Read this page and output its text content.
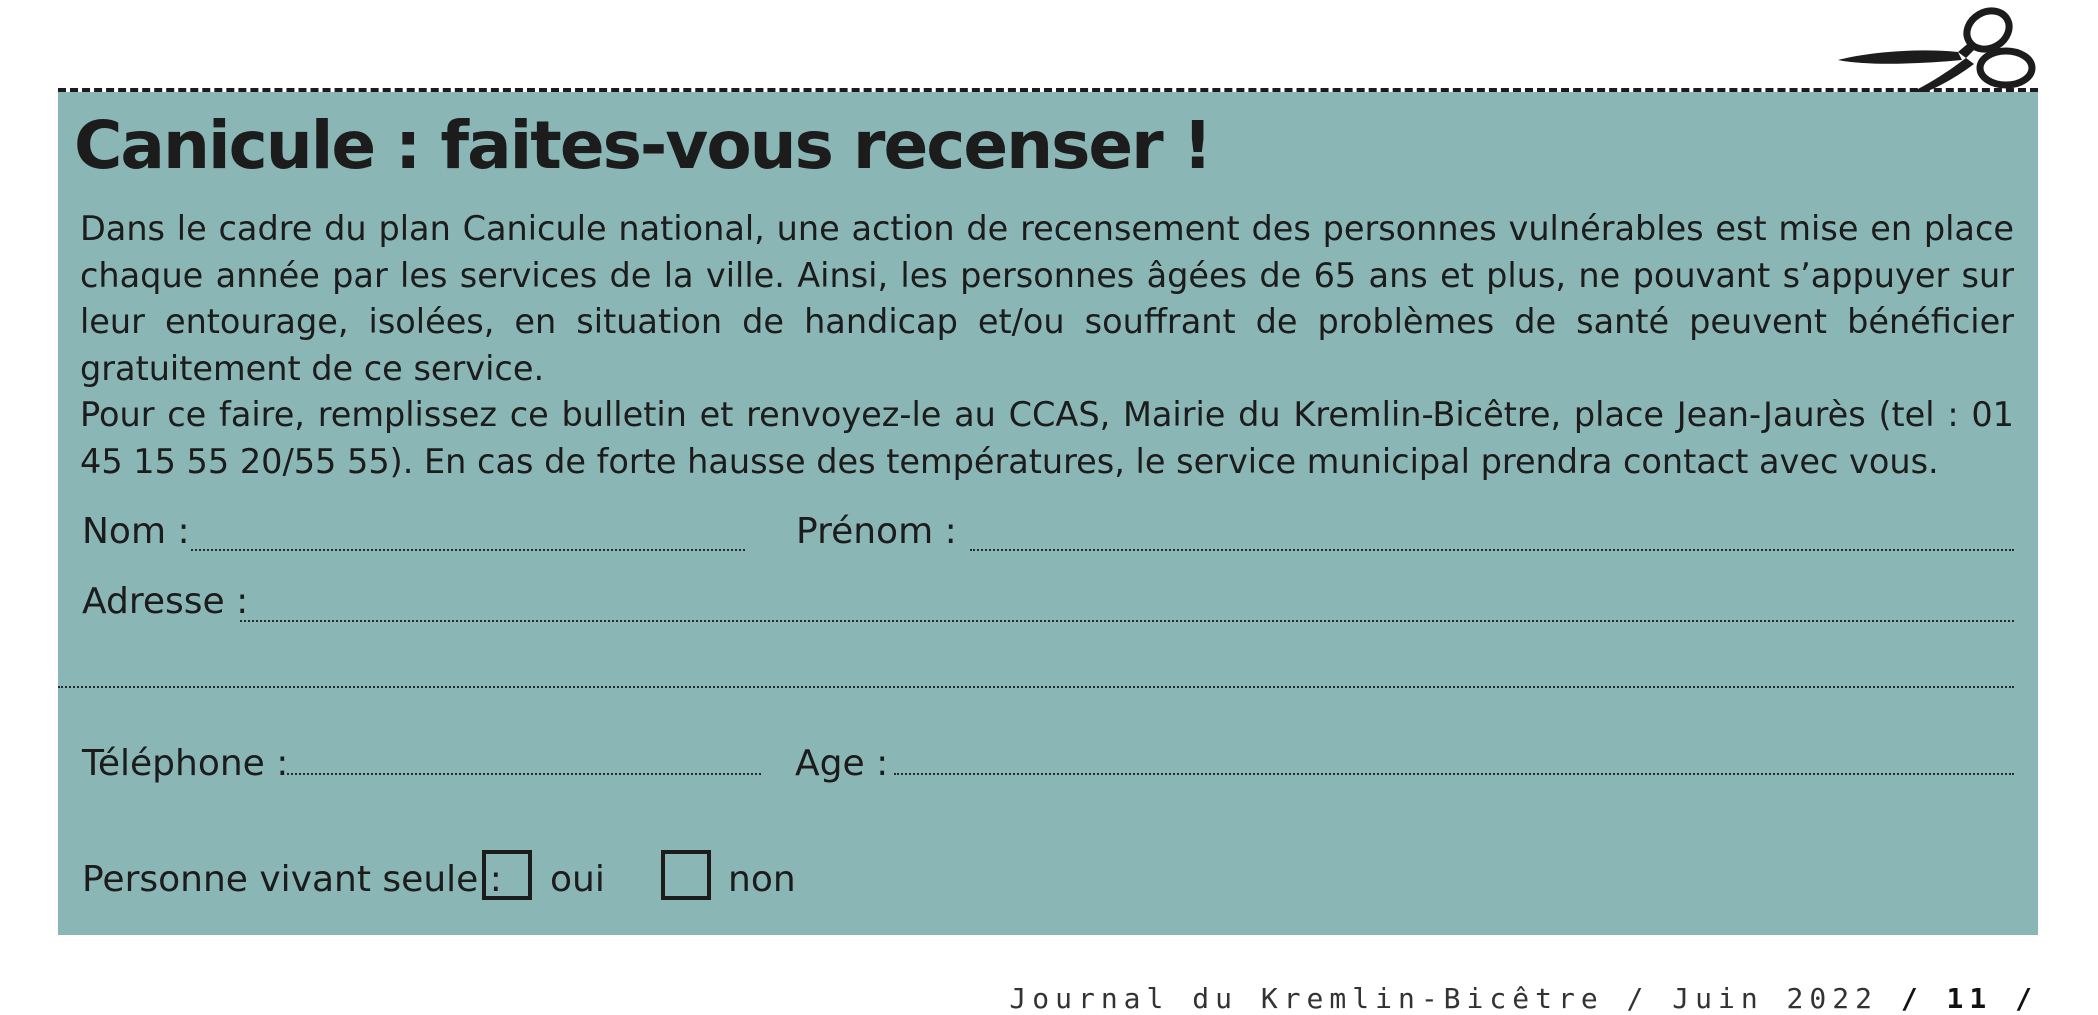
Canicule : faites-vous recenser !

Dans le cadre du plan Canicule national, une action de recensement des personnes vulnérables est mise en place chaque année par les services de la ville. Ainsi, les personnes âgées de 65 ans et plus, ne pouvant s’appuyer sur leur entourage, isolées, en situation de handicap et/ou souffrant de problèmes de santé peuvent bénéficier gratuitement de ce service.

Pour ce faire, remplissez ce bulletin et renvoyez-le au CCAS, Mairie du Kremlin-Bicêtre, place Jean-Jaurès (tel : 01 45 15 55 20/55 55). En cas de forte hausse des températures, le service municipal prendra contact avec vous.

Nom :	Prénom :
Adresse :
Téléphone :	Age :
Personne vivant seule : oui	non
Journal du Kremlin-Bicêtre / Juin 2022 / 11 /
